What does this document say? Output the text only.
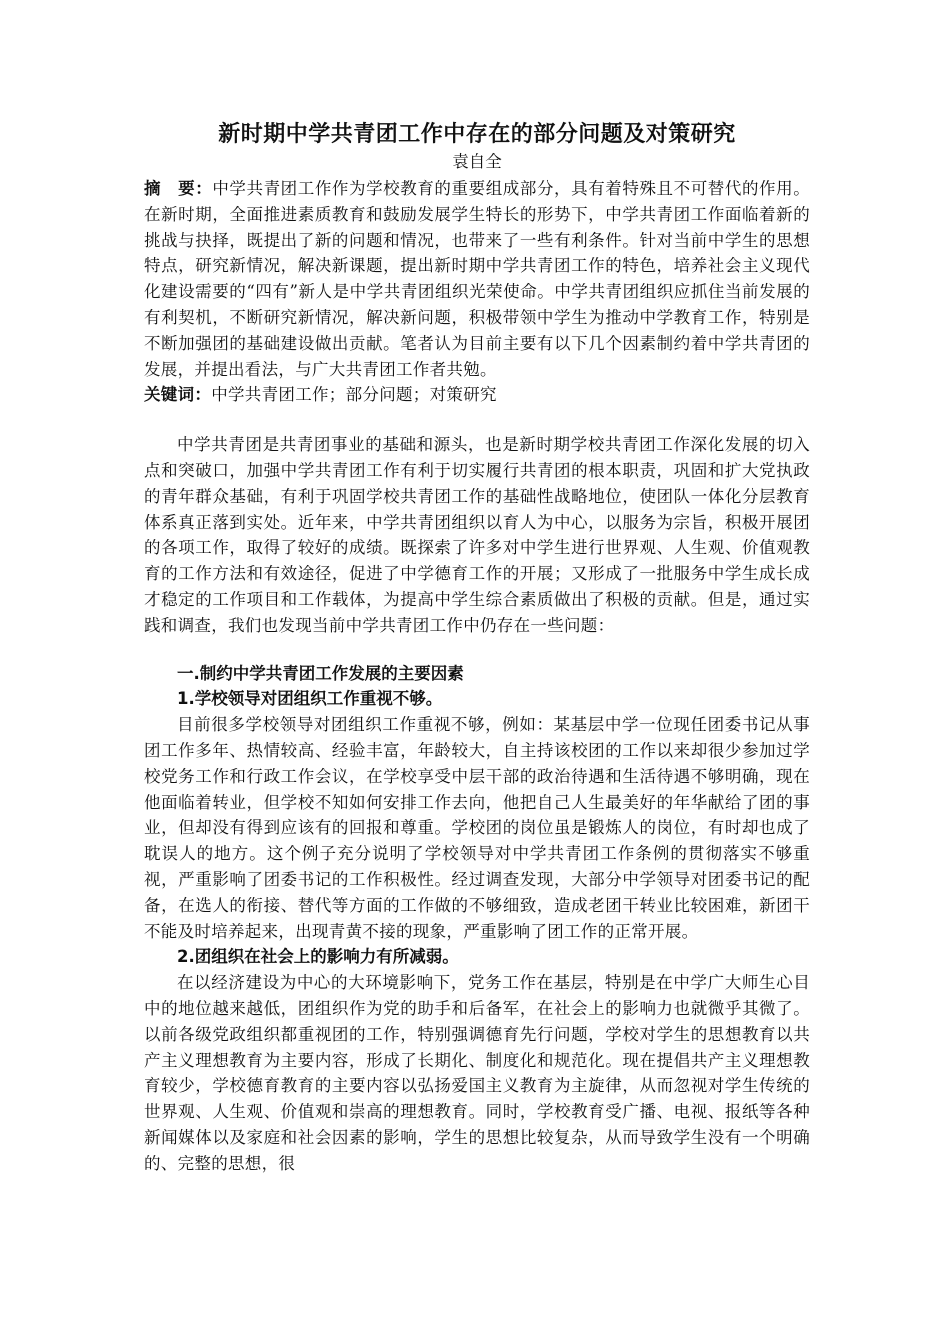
新时期中学共青团工作中存在的部分问题及对策研究
袁自全

摘　要：中学共青团工作作为学校教育的重要组成部分，具有着特殊且不可替代的作用。在新时期，全面推进素质教育和鼓励发展学生特长的形势下，中学共青团工作面临着新的挑战与抉择，既提出了新的问题和情况，也带来了一些有利条件。针对当前中学生的思想特点，研究新情况，解决新课题，提出新时期中学共青团工作的特色，培养社会主义现代化建设需要的“四有”新人是中学共青团组织光荣使命。中学共青团组织应抓住当前发展的有利契机，不断研究新情况，解决新问题，积极带领中学生为推动中学教育工作，特别是不断加强团的基础建设做出贡献。笔者认为目前主要有以下几个因素制约着中学共青团的发展，并提出看法，与广大共青团工作者共勉。

关键词：中学共青团工作；部分问题；对策研究

中学共青团是共青团事业的基础和源头，也是新时期学校共青团工作深化发展的切入点和突破口，加强中学共青团工作有利于切实履行共青团的根本职责，巩固和扩大党执政的青年群众基础，有利于巩固学校共青团工作的基础性战略地位，使团队一体化分层教育体系真正落到实处。近年来，中学共青团组织以育人为中心，以服务为宗旨，积极开展团的各项工作，取得了较好的成绩。既探索了许多对中学生进行世界观、人生观、价值观教育的工作方法和有效途径，促进了中学德育工作的开展；又形成了一批服务中学生成长成才稳定的工作项目和工作载体，为提高中学生综合素质做出了积极的贡献。但是，通过实践和调查，我们也发现当前中学共青团工作中仍存在一些问题：

一.制约中学共青团工作发展的主要因素
1.学校领导对团组织工作重视不够。

目前很多学校领导对团组织工作重视不够，例如：某基层中学一位现任团委书记从事团工作多年、热情较高、经验丰富，年龄较大，自主持该校团的工作以来却很少参加过学校党务工作和行政工作会议，在学校享受中层干部的政治待遇和生活待遇不够明确，现在他面临着转业，但学校不知如何安排工作去向，他把自己人生最美好的年华献给了团的事业，但却没有得到应该有的回报和尊重。学校团的岗位虽是锻炼人的岗位，有时却也成了耽误人的地方。这个例子充分说明了学校领导对中学共青团工作条例的贯彻落实不够重视，严重影响了团委书记的工作积极性。经过调查发现，大部分中学领导对团委书记的配备，在选人的衔接、替代等方面的工作做的不够细致，造成老团干转业比较困难，新团干不能及时培养起来，出现青黄不接的现象，严重影响了团工作的正常开展。

2.团组织在社会上的影响力有所减弱。

在以经济建设为中心的大环境影响下，党务工作在基层，特别是在中学广大师生心目中的地位越来越低，团组织作为党的助手和后备军，在社会上的影响力也就微乎其微了。以前各级党政组织都重视团的工作，特别强调德育先行问题，学校对学生的思想教育以共产主义理想教育为主要内容，形成了长期化、制度化和规范化。现在提倡共产主义理想教育较少，学校德育教育的主要内容以弘扬爱国主义教育为主旋律，从而忽视对学生传统的世界观、人生观、价值观和崇高的理想教育。同时，学校教育受广播、电视、报纸等各种新闻媒体以及家庭和社会因素的影响，学生的思想比较复杂，从而导致学生没有一个明确的、完整的思想，很
